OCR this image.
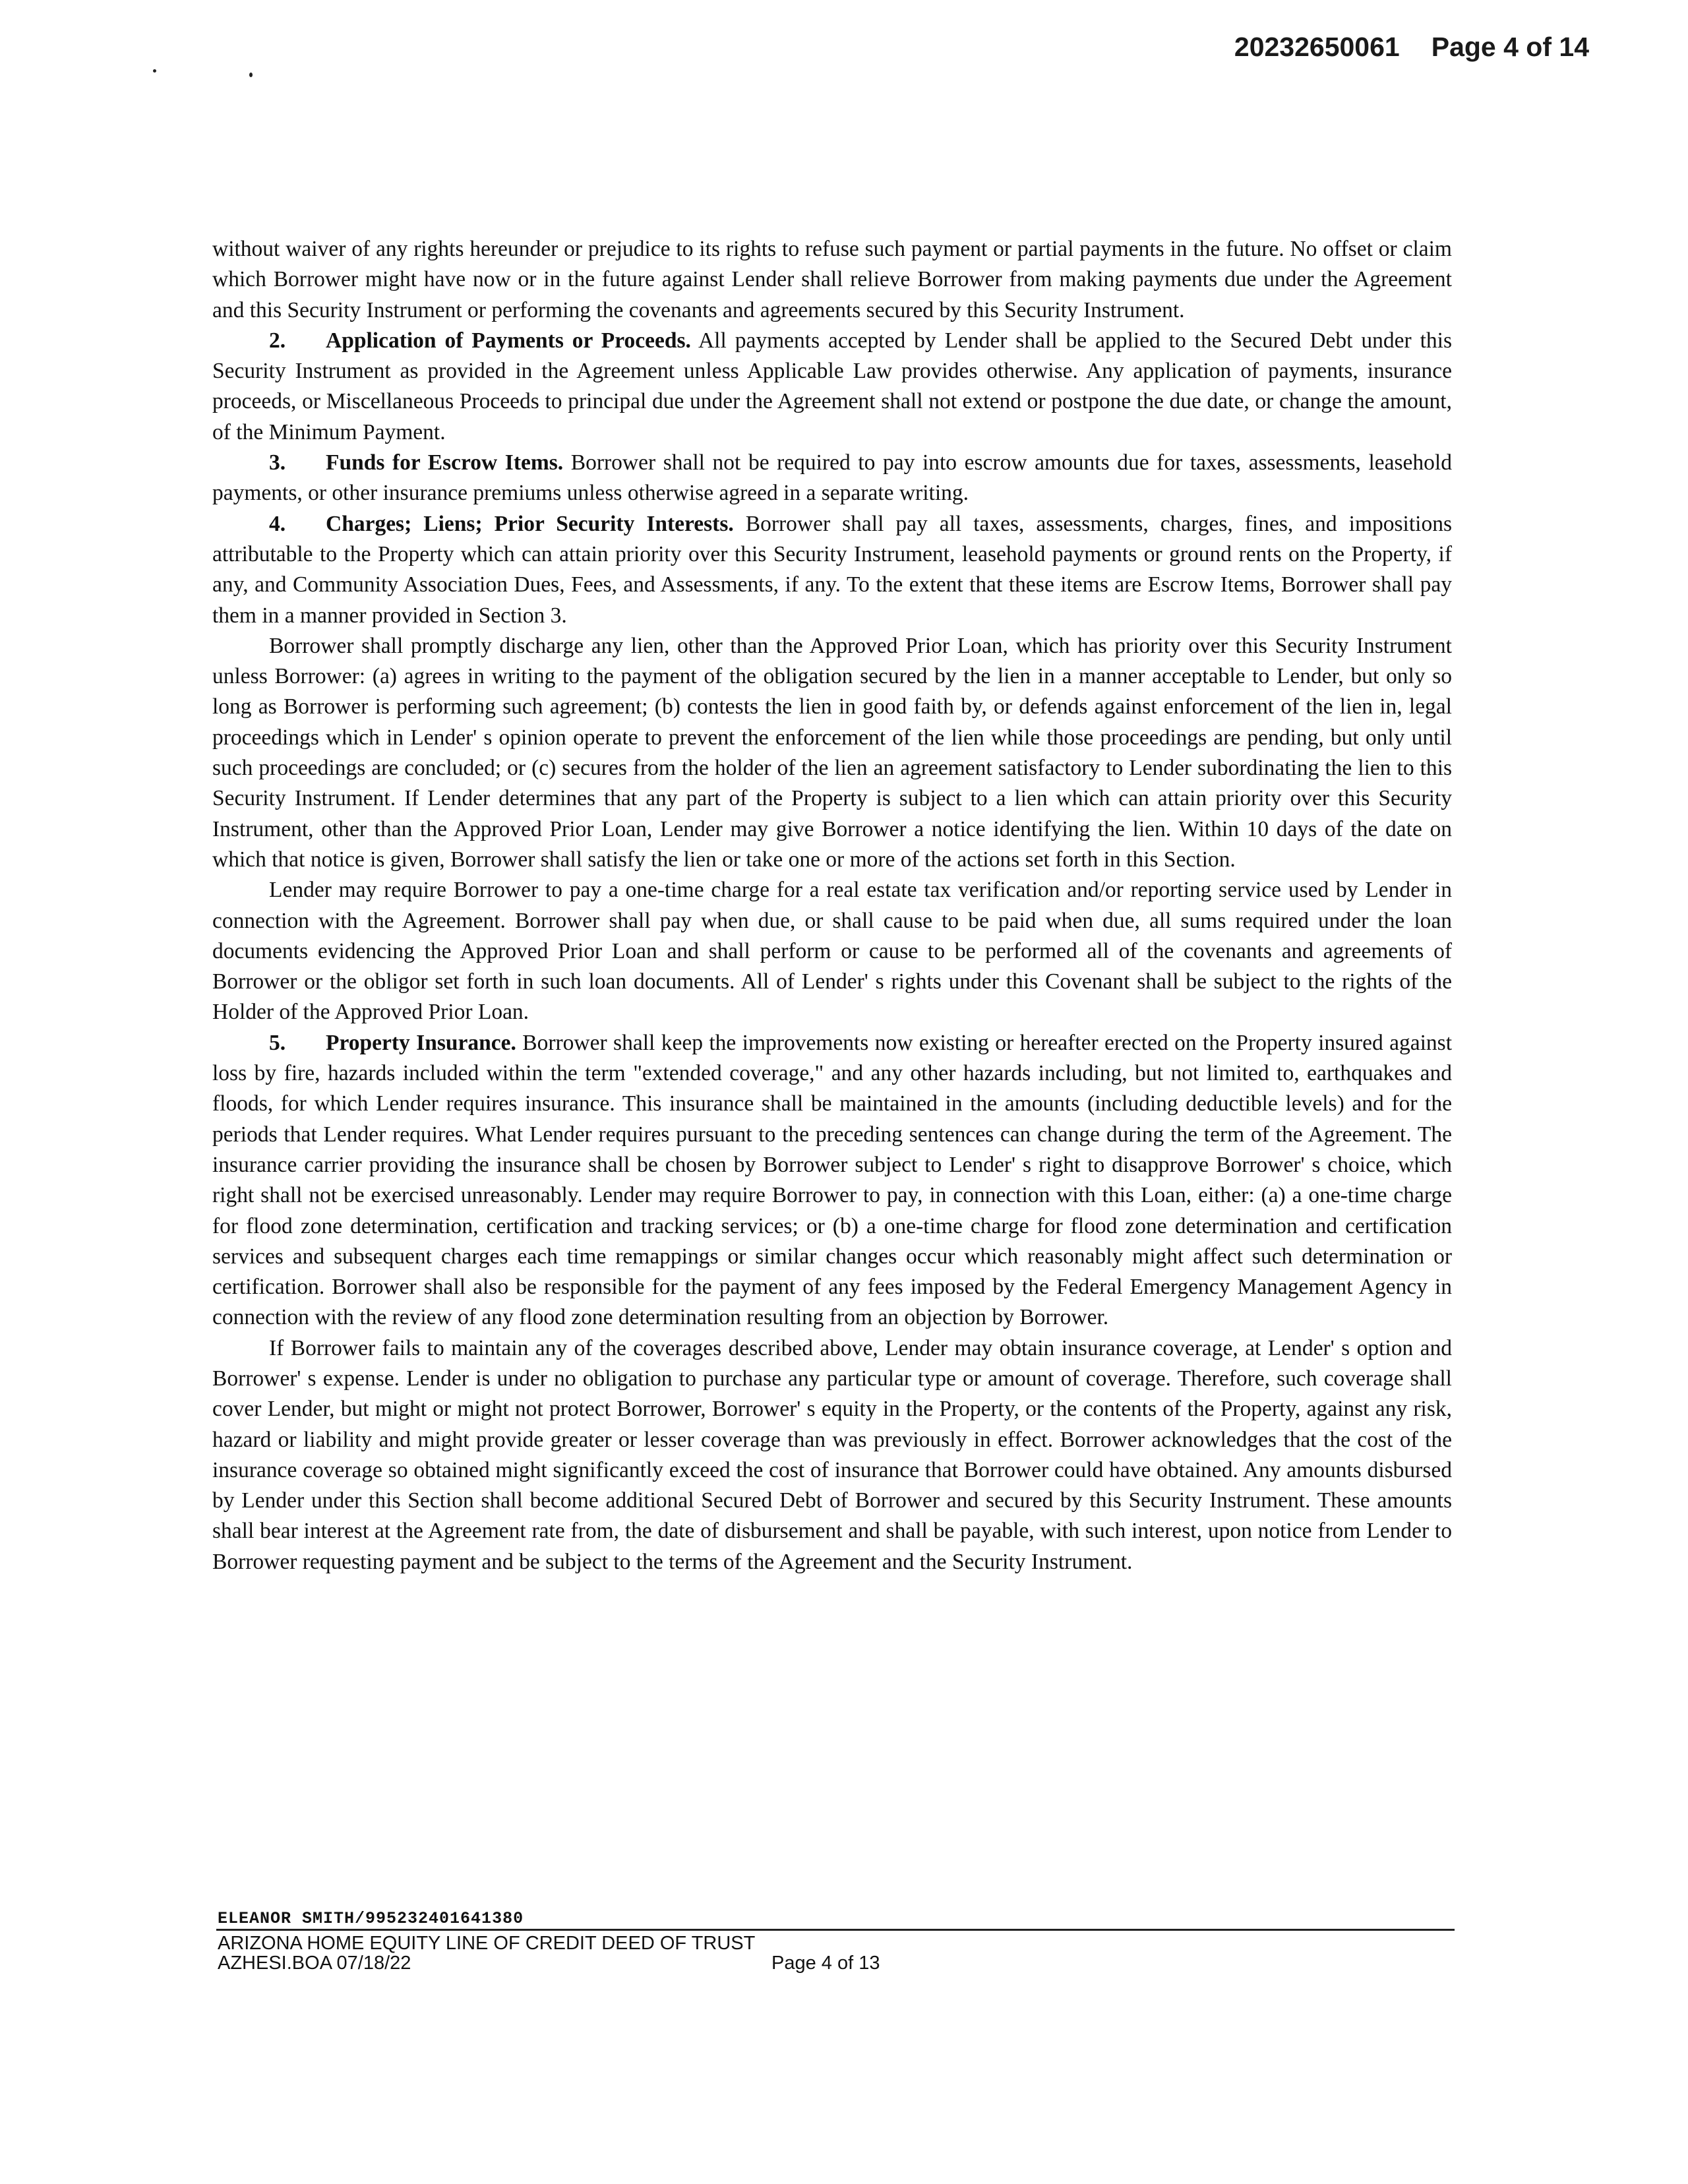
20232650061 Page 4 of 14

without waiver of any rights hereunder or prejudice to its rights to refuse such payment or partial payments in the future. No offset or claim which Borrower might have now or in the future against Lender shall relieve Borrower from making payments due under the Agreement and this Security Instrument or performing the covenants and agreements secured by this Security Instrument.

2. Application of Payments or Proceeds. All payments accepted by Lender shall be applied to the Secured Debt under this Security Instrument as provided in the Agreement unless Applicable Law provides otherwise. Any application of payments, insurance proceeds, or Miscellaneous Proceeds to principal due under the Agreement shall not extend or postpone the due date, or change the amount, of the Minimum Payment.

3. Funds for Escrow Items. Borrower shall not be required to pay into escrow amounts due for taxes, assessments, leasehold payments, or other insurance premiums unless otherwise agreed in a separate writing.

4. Charges; Liens; Prior Security Interests. Borrower shall pay all taxes, assessments, charges, fines, and impositions attributable to the Property which can attain priority over this Security Instrument, leasehold payments or ground rents on the Property, if any, and Community Association Dues, Fees, and Assessments, if any. To the extent that these items are Escrow Items, Borrower shall pay them in a manner provided in Section 3.

Borrower shall promptly discharge any lien, other than the Approved Prior Loan, which has priority over this Security Instrument unless Borrower: (a) agrees in writing to the payment of the obligation secured by the lien in a manner acceptable to Lender, but only so long as Borrower is performing such agreement; (b) contests the lien in good faith by, or defends against enforcement of the lien in, legal proceedings which in Lender' s opinion operate to prevent the enforcement of the lien while those proceedings are pending, but only until such proceedings are concluded; or (c) secures from the holder of the lien an agreement satisfactory to Lender subordinating the lien to this Security Instrument. If Lender determines that any part of the Property is subject to a lien which can attain priority over this Security Instrument, other than the Approved Prior Loan, Lender may give Borrower a notice identifying the lien. Within 10 days of the date on which that notice is given, Borrower shall satisfy the lien or take one or more of the actions set forth in this Section.

Lender may require Borrower to pay a one-time charge for a real estate tax verification and/or reporting service used by Lender in connection with the Agreement. Borrower shall pay when due, or shall cause to be paid when due, all sums required under the loan documents evidencing the Approved Prior Loan and shall perform or cause to be performed all of the covenants and agreements of Borrower or the obligor set forth in such loan documents. All of Lender' s rights under this Covenant shall be subject to the rights of the Holder of the Approved Prior Loan.

5. Property Insurance. Borrower shall keep the improvements now existing or hereafter erected on the Property insured against loss by fire, hazards included within the term "extended coverage," and any other hazards including, but not limited to, earthquakes and floods, for which Lender requires insurance. This insurance shall be maintained in the amounts (including deductible levels) and for the periods that Lender requires. What Lender requires pursuant to the preceding sentences can change during the term of the Agreement. The insurance carrier providing the insurance shall be chosen by Borrower subject to Lender' s right to disapprove Borrower' s choice, which right shall not be exercised unreasonably. Lender may require Borrower to pay, in connection with this Loan, either: (a) a one-time charge for flood zone determination, certification and tracking services; or (b) a one-time charge for flood zone determination and certification services and subsequent charges each time remappings or similar changes occur which reasonably might affect such determination or certification. Borrower shall also be responsible for the payment of any fees imposed by the Federal Emergency Management Agency in connection with the review of any flood zone determination resulting from an objection by Borrower.

If Borrower fails to maintain any of the coverages described above, Lender may obtain insurance coverage, at Lender' s option and Borrower' s expense. Lender is under no obligation to purchase any particular type or amount of coverage. Therefore, such coverage shall cover Lender, but might or might not protect Borrower, Borrower' s equity in the Property, or the contents of the Property, against any risk, hazard or liability and might provide greater or lesser coverage than was previously in effect. Borrower acknowledges that the cost of the insurance coverage so obtained might significantly exceed the cost of insurance that Borrower could have obtained. Any amounts disbursed by Lender under this Section shall become additional Secured Debt of Borrower and secured by this Security Instrument. These amounts shall bear interest at the Agreement rate from, the date of disbursement and shall be payable, with such interest, upon notice from Lender to Borrower requesting payment and be subject to the terms of the Agreement and the Security Instrument.

ELEANOR SMITH/995232401641380
ARIZONA HOME EQUITY LINE OF CREDIT DEED OF TRUST
AZHESI.BOA 07/18/22	Page 4 of 13
